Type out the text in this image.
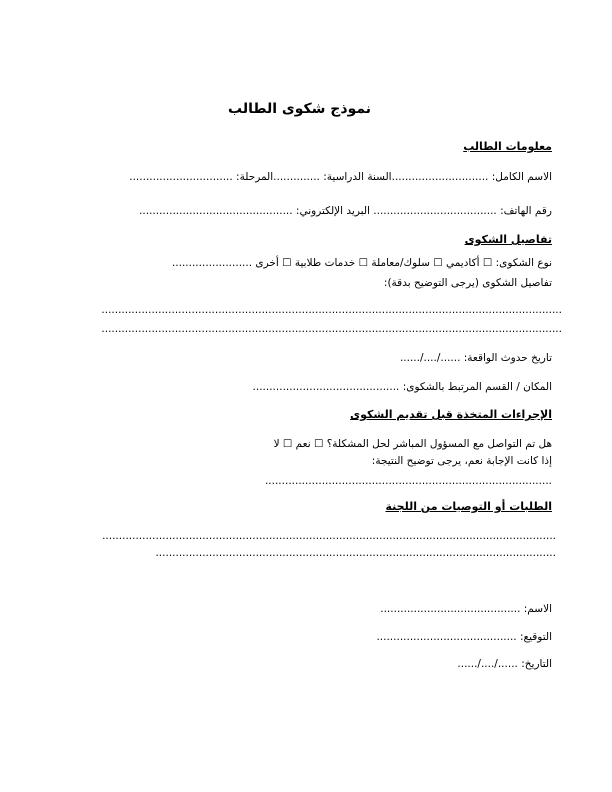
نموذج شكوى الطالب
معلومات الطالب
الاسم الكامل: .............................السنة الدراسية: ..............المرحلة: ...............................
رقم الهاتف: ..................................... البريد الإلكتروني: ..............................................
تفاصيل الشكوى
نوع الشكوى: ☐ أكاديمي ☐ سلوك/معاملة ☐ خدمات طلابية ☐ أخرى ........................
تفاصيل الشكوى (يرجى التوضيح بدقة):
..........................................................................................................................................
..........................................................................................................................................
تاريخ حدوث الواقعة: ....../..../......
المكان / القسم المرتبط بالشكوى: ............................................
الإجراءات المتخذة قبل تقديم الشكوى
هل تم التواصل مع المسؤول المباشر لحل المشكلة؟ ☐ نعم ☐ لا
إذا كانت الإجابة نعم، يرجى توضيح النتيجة:
......................................................................................
الطلبات أو التوصيات من اللجنة
........................................................................................................................................
........................................................................................................................
الاسم: ..........................................
التوقيع: ..........................................
التاريخ: ....../..../......
